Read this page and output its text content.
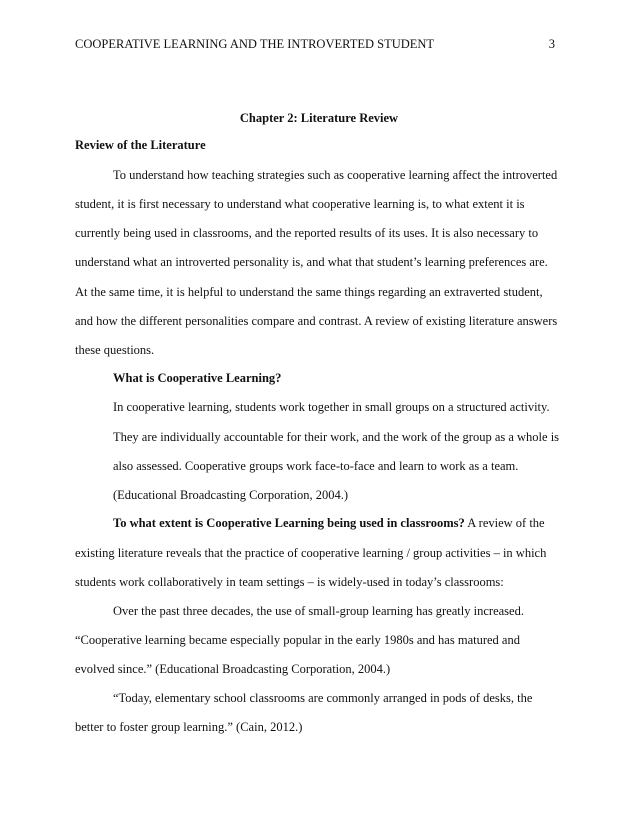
COOPERATIVE LEARNING AND THE INTROVERTED STUDENT	3
Chapter 2: Literature Review
Review of the Literature
To understand how teaching strategies such as cooperative learning affect the introverted
student, it is first necessary to understand what cooperative learning is, to what extent it is
currently being used in classrooms, and the reported results of its uses. It is also necessary to
understand what an introverted personality is, and what that student’s learning preferences are.
At the same time, it is helpful to understand the same things regarding an extraverted student,
and how the different personalities compare and contrast. A review of existing literature answers
these questions.
What is Cooperative Learning?
In cooperative learning, students work together in small groups on a structured activity.
They are individually accountable for their work, and the work of the group as a whole is
also assessed. Cooperative groups work face-to-face and learn to work as a team.
(Educational Broadcasting Corporation, 2004.)
To what extent is Cooperative Learning being used in classrooms? A review of the
existing literature reveals that the practice of cooperative learning / group activities – in which
students work collaboratively in team settings – is widely-used in today’s classrooms:
Over the past three decades, the use of small-group learning has greatly increased.
“Cooperative learning became especially popular in the early 1980s and has matured and
evolved since.” (Educational Broadcasting Corporation, 2004.)
“Today, elementary school classrooms are commonly arranged in pods of desks, the
better to foster group learning.” (Cain, 2012.)
